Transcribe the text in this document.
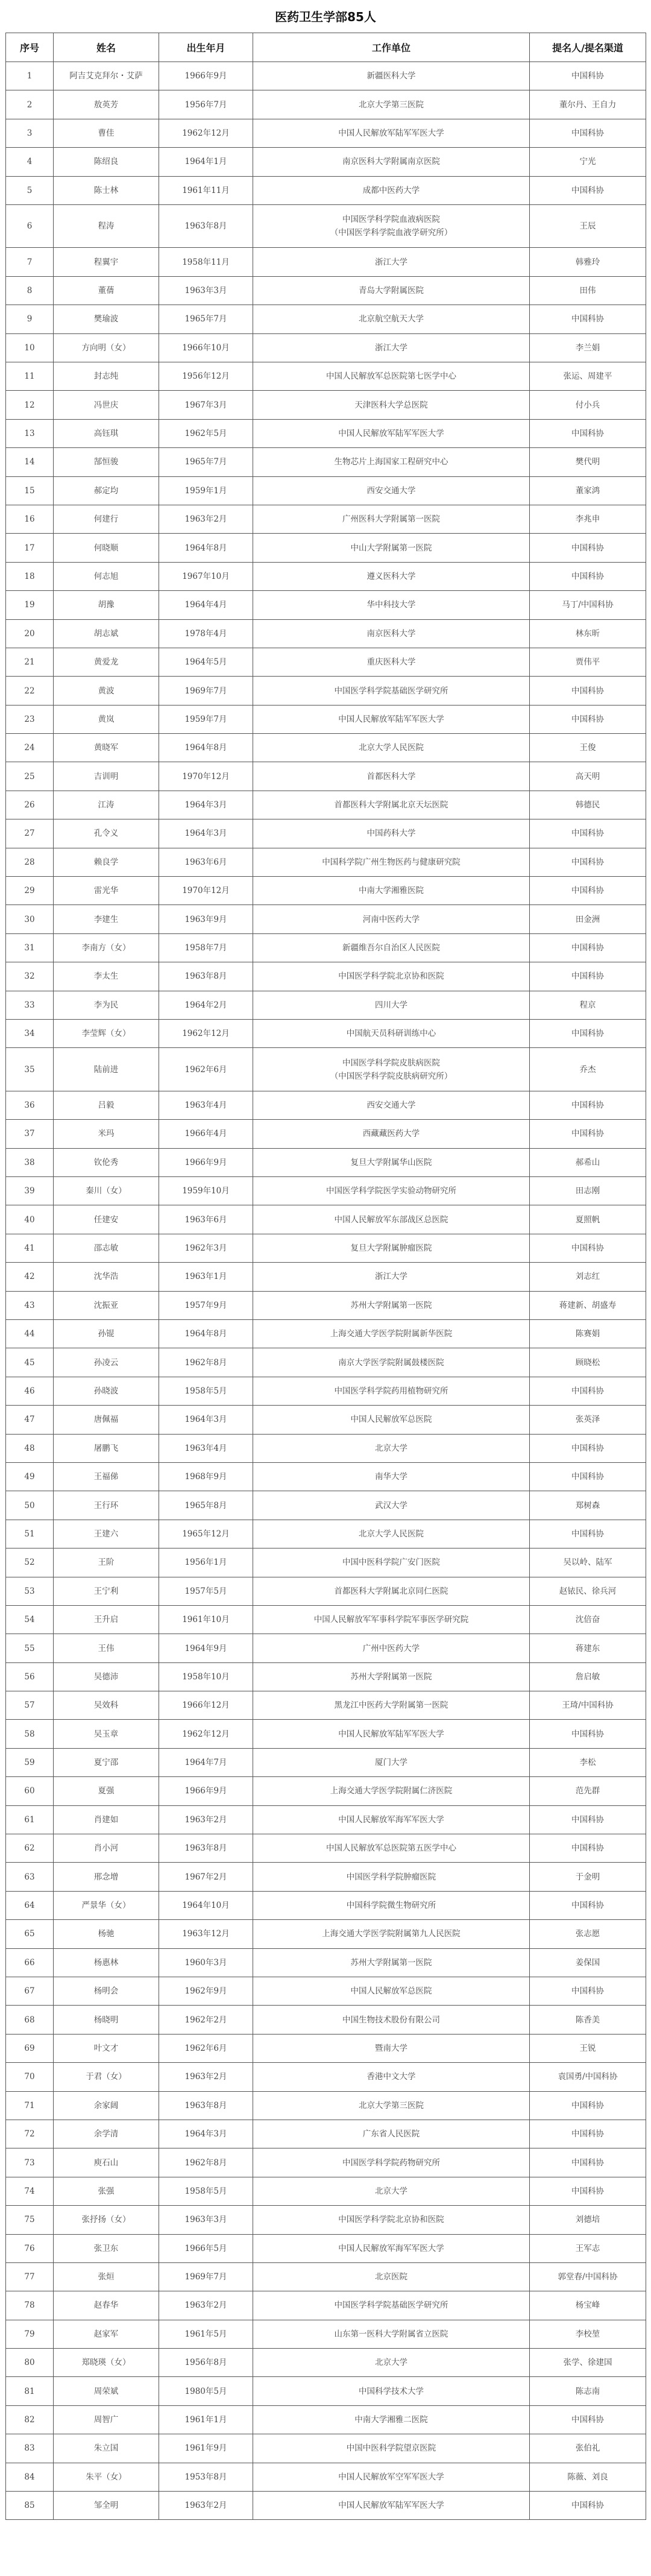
医药卫生学部85人
序号	姓名	出生年月	工作单位	提名人/提名渠道
1	阿吉艾克拜尔・艾萨	1966年9月	新疆医科大学	中国科协
2	敖英芳	1956年7月	北京大学第三医院	董尔丹、王自力
3	曹佳	1962年12月	中国人民解放军陆军军医大学	中国科协
4	陈绍良	1964年1月	南京医科大学附属南京医院	宁光
5	陈士林	1961年11月	成都中医药大学	中国科协
6	程涛	1963年8月	中国医学科学院血液病医院
（中国医学科学院血液学研究所）	王辰
7	程翼宇	1958年11月	浙江大学	韩雅玲
8	董蒨	1963年3月	青岛大学附属医院	田伟
9	樊瑜波	1965年7月	北京航空航天大学	中国科协
10	方向明（女）	1966年10月	浙江大学	李兰娟
11	封志纯	1956年12月	中国人民解放军总医院第七医学中心	张运、周建平
12	冯世庆	1967年3月	天津医科大学总医院	付小兵
13	高钰琪	1962年5月	中国人民解放军陆军军医大学	中国科协
14	郜恒骏	1965年7月	生物芯片上海国家工程研究中心	樊代明
15	郝定均	1959年1月	西安交通大学	董家鸿
16	何建行	1963年2月	广州医科大学附属第一医院	李兆申
17	何晓顺	1964年8月	中山大学附属第一医院	中国科协
18	何志旭	1967年10月	遵义医科大学	中国科协
19	胡豫	1964年4月	华中科技大学	马丁/中国科协
20	胡志斌	1978年4月	南京医科大学	林东昕
21	黄爱龙	1964年5月	重庆医科大学	贾伟平
22	黄波	1969年7月	中国医学科学院基础医学研究所	中国科协
23	黄岚	1959年7月	中国人民解放军陆军军医大学	中国科协
24	黄晓军	1964年8月	北京大学人民医院	王俊
25	吉训明	1970年12月	首都医科大学	高天明
26	江涛	1964年3月	首都医科大学附属北京天坛医院	韩德民
27	孔令义	1964年3月	中国药科大学	中国科协
28	赖良学	1963年6月	中国科学院广州生物医药与健康研究院	中国科协
29	雷光华	1970年12月	中南大学湘雅医院	中国科协
30	李建生	1963年9月	河南中医药大学	田金洲
31	李南方（女）	1958年7月	新疆维吾尔自治区人民医院	中国科协
32	李太生	1963年8月	中国医学科学院北京协和医院	中国科协
33	李为民	1964年2月	四川大学	程京
34	李莹辉（女）	1962年12月	中国航天员科研训练中心	中国科协
35	陆前进	1962年6月	中国医学科学院皮肤病医院
（中国医学科学院皮肤病研究所）	乔杰
36	吕毅	1963年4月	西安交通大学	中国科协
37	米玛	1966年4月	西藏藏医药大学	中国科协
38	钦伦秀	1966年9月	复旦大学附属华山医院	郝希山
39	秦川（女）	1959年10月	中国医学科学院医学实验动物研究所	田志刚
40	任建安	1963年6月	中国人民解放军东部战区总医院	夏照帆
41	邵志敏	1962年3月	复旦大学附属肿瘤医院	中国科协
42	沈华浩	1963年1月	浙江大学	刘志红
43	沈振亚	1957年9月	苏州大学附属第一医院	蒋建新、胡盛寿
44	孙锟	1964年8月	上海交通大学医学院附属新华医院	陈赛娟
45	孙凌云	1962年8月	南京大学医学院附属鼓楼医院	顾晓松
46	孙晓波	1958年5月	中国医学科学院药用植物研究所	中国科协
47	唐佩福	1964年3月	中国人民解放军总医院	张英泽
48	屠鹏飞	1963年4月	北京大学	中国科协
49	王福俤	1968年9月	南华大学	中国科协
50	王行环	1965年8月	武汉大学	郑树森
51	王建六	1965年12月	北京大学人民医院	中国科协
52	王阶	1956年1月	中国中医科学院广安门医院	吴以岭、陆军
53	王宁利	1957年5月	首都医科大学附属北京同仁医院	赵铱民、徐兵河
54	王升启	1961年10月	中国人民解放军军事科学院军事医学研究院	沈倍奋
55	王伟	1964年9月	广州中医药大学	蒋建东
56	吴德沛	1958年10月	苏州大学附属第一医院	詹启敏
57	吴效科	1966年12月	黑龙江中医药大学附属第一医院	王琦/中国科协
58	吴玉章	1962年12月	中国人民解放军陆军军医大学	中国科协
59	夏宁邵	1964年7月	厦门大学	李松
60	夏强	1966年9月	上海交通大学医学院附属仁济医院	范先群
61	肖建如	1963年2月	中国人民解放军海军军医大学	中国科协
62	肖小河	1963年8月	中国人民解放军总医院第五医学中心	中国科协
63	邢念增	1967年2月	中国医学科学院肿瘤医院	于金明
64	严景华（女）	1964年10月	中国科学院微生物研究所	中国科协
65	杨驰	1963年12月	上海交通大学医学院附属第九人民医院	张志愿
66	杨惠林	1960年3月	苏州大学附属第一医院	姜保国
67	杨明会	1962年9月	中国人民解放军总医院	中国科协
68	杨晓明	1962年2月	中国生物技术股份有限公司	陈香美
69	叶文才	1962年6月	暨南大学	王锐
70	于君（女）	1963年2月	香港中文大学	袁国勇/中国科协
71	余家阔	1963年8月	北京大学第三医院	中国科协
72	余学清	1964年3月	广东省人民医院	中国科协
73	庾石山	1962年8月	中国医学科学院药物研究所	中国科协
74	张强	1958年5月	北京大学	中国科协
75	张抒扬（女）	1963年3月	中国医学科学院北京协和医院	刘德培
76	张卫东	1966年5月	中国人民解放军海军军医大学	王军志
77	张烜	1969年7月	北京医院	郭堂春/中国科协
78	赵春华	1963年2月	中国医学科学院基础医学研究所	杨宝峰
79	赵家军	1961年5月	山东第一医科大学附属省立医院	李校堃
80	郑晓瑛（女）	1956年8月	北京大学	张学、徐建国
81	周荣斌	1980年5月	中国科学技术大学	陈志南
82	周智广	1961年1月	中南大学湘雅二医院	中国科协
83	朱立国	1961年9月	中国中医科学院望京医院	张伯礼
84	朱平（女）	1953年8月	中国人民解放军空军军医大学	陈薇、刘良
85	邹全明	1963年2月	中国人民解放军陆军军医大学	中国科协
